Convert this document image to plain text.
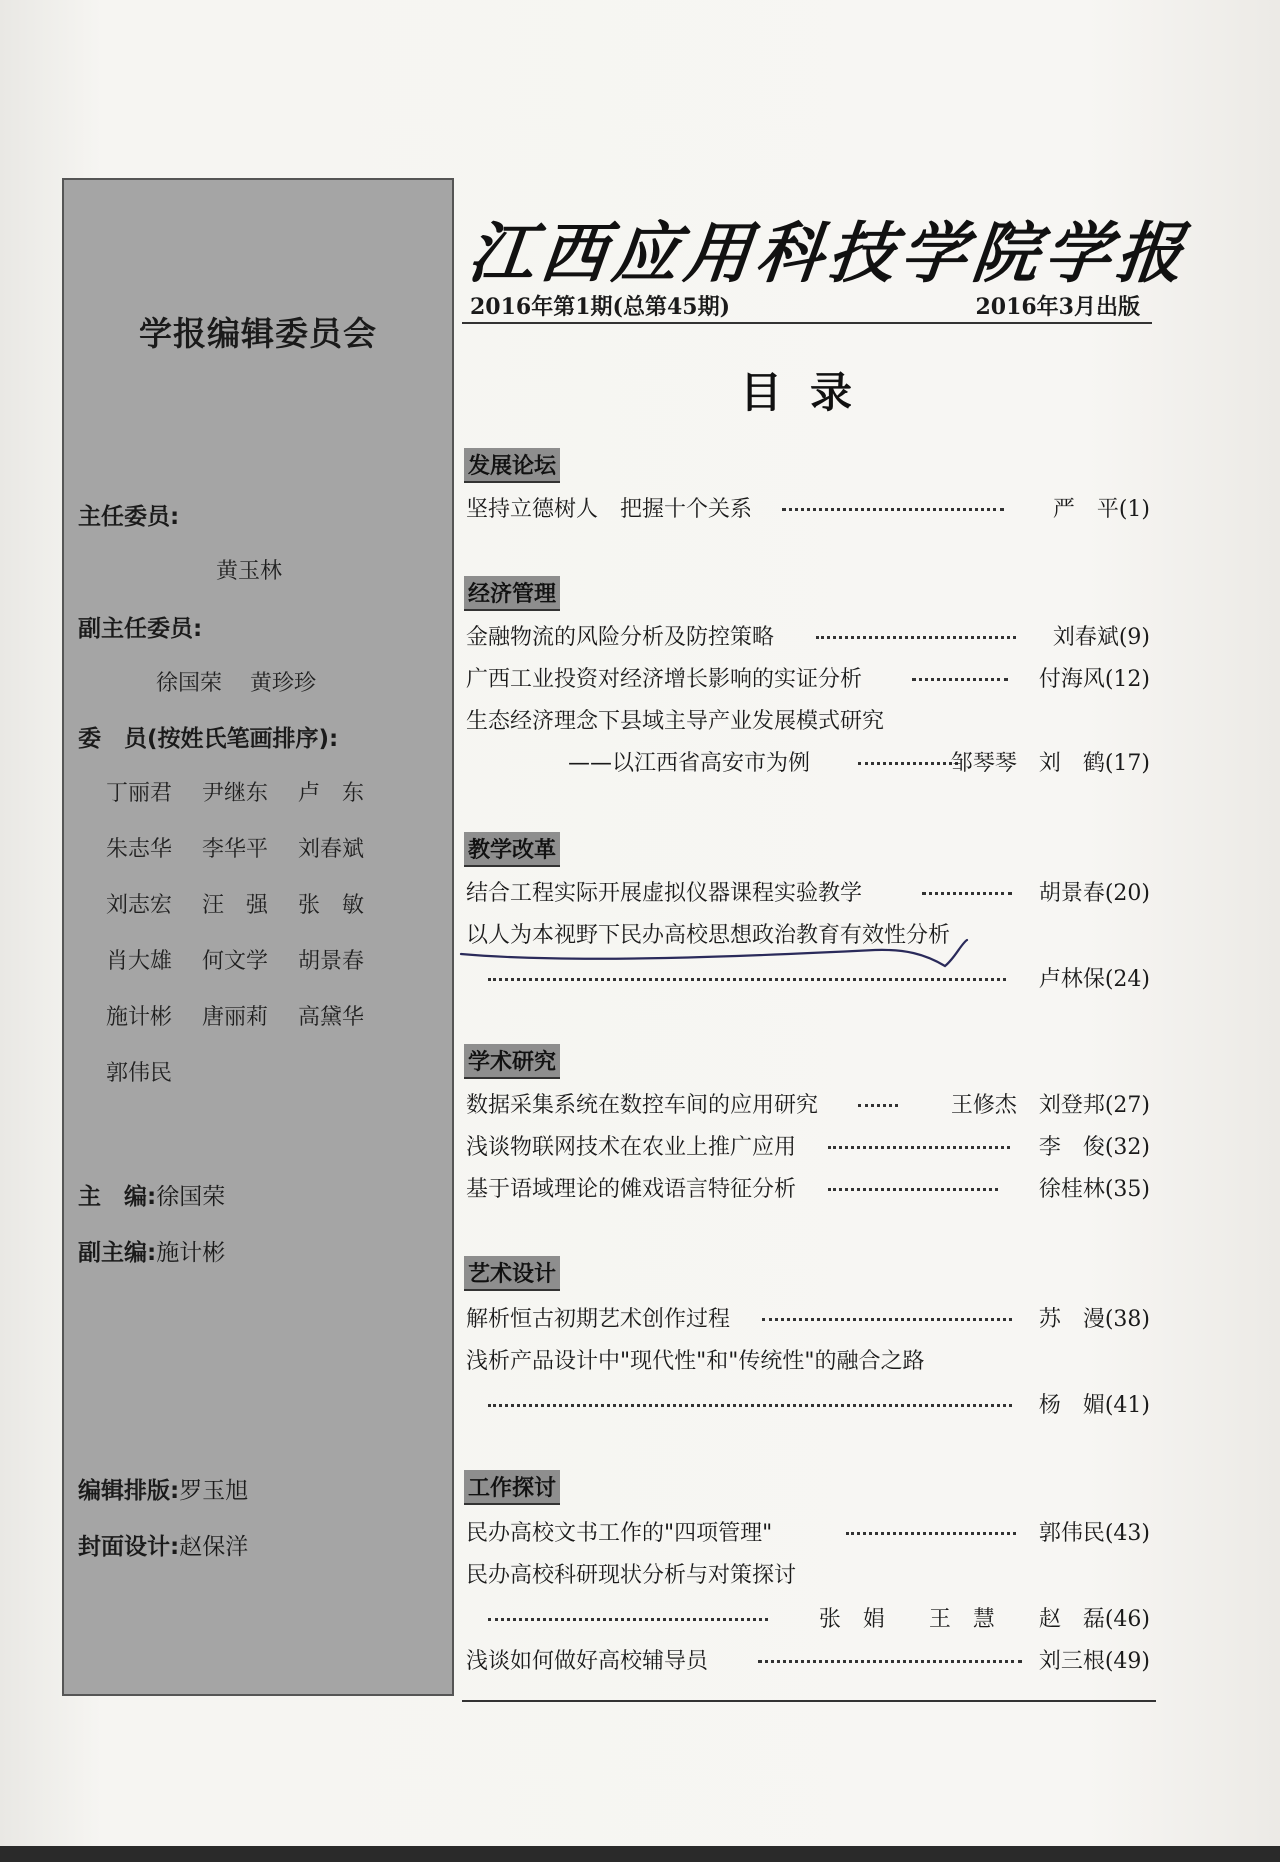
学报编辑委员会
主任委员:
黄玉林
副主任委员:
徐国荣 黄珍珍
委　员(按姓氏笔画排序):
丁丽君 尹继东 卢　东
朱志华 李华平 刘春斌
刘志宏 汪　强 张　敏
肖大雄 何文学 胡景春
施计彬 唐丽莉 高黛华
郭伟民
主　编:徐国荣
副主编:施计彬
编辑排版:罗玉旭
封面设计:赵保洋
江西应用科技学院学报
2016年第1期(总第45期)	2016年3月出版
目录
发展论坛
坚持立德树人　把握十个关系	严　平(1)
经济管理
金融物流的风险分析及防控策略	刘春斌(9)
广西工业投资对经济增长影响的实证分析	付海风(12)
生态经济理念下县域主导产业发展模式研究
——以江西省高安市为例	邹琴琴　刘　鹤(17)
教学改革
结合工程实际开展虚拟仪器课程实验教学	胡景春(20)
以人为本视野下民办高校思想政治教育有效性分析
卢林保(24)
学术研究
数据采集系统在数控车间的应用研究	王修杰　刘登邦(27)
浅谈物联网技术在农业上推广应用	李　俊(32)
基于语域理论的傩戏语言特征分析	徐桂林(35)
艺术设计
解析恒古初期艺术创作过程	苏　漫(38)
浅析产品设计中"现代性"和"传统性"的融合之路
杨　媚(41)
工作探讨
民办高校文书工作的"四项管理"	郭伟民(43)
民办高校科研现状分析与对策探讨
张　娟　　王　慧　　赵　磊(46)
浅谈如何做好高校辅导员	刘三根(49)
